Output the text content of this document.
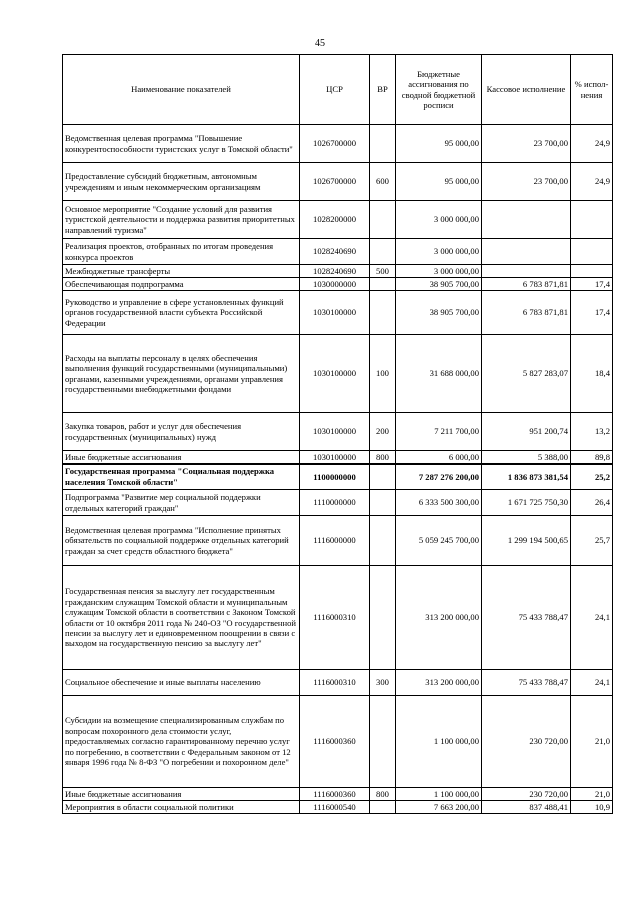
45
Наименование показателей	ЦСР	ВР	Бюджетные ассигнования по сводной бюджетной росписи	Кассовое исполнение	% испол-нения
Ведомственная целевая программа "Повышение конкурентоспособности туристских услуг в Томской области"	1026700000		95 000,00	23 700,00	24,9
Предоставление субсидий бюджетным, автономным учреждениям и иным некоммерческим организациям	1026700000	600	95 000,00	23 700,00	24,9
Основное мероприятие "Создание условий для развития туристской деятельности и поддержка развития приоритетных направлений туризма"	1028200000		3 000 000,00		
Реализация проектов, отобранных по итогам проведения конкурса проектов	1028240690		3 000 000,00		
Межбюджетные трансферты	1028240690	500	3 000 000,00		
Обеспечивающая подпрограмма	1030000000		38 905 700,00	6 783 871,81	17,4
Руководство и управление в сфере установленных функций органов государственной власти субъекта Российской Федерации	1030100000		38 905 700,00	6 783 871,81	17,4
Расходы на выплаты персоналу в целях обеспечения выполнения функций государственными (муниципальными) органами, казенными учреждениями, органами управления государственными внебюджетными фондами	1030100000	100	31 688 000,00	5 827 283,07	18,4
Закупка товаров, работ и услуг для обеспечения государственных (муниципальных) нужд	1030100000	200	7 211 700,00	951 200,74	13,2
Иные бюджетные ассигнования	1030100000	800	6 000,00	5 388,00	89,8
Государственная программа "Социальная поддержка населения Томской области"	1100000000		7 287 276 200,00	1 836 873 381,54	25,2
Подпрограмма "Развитие мер социальной поддержки отдельных категорий граждан"	1110000000		6 333 500 300,00	1 671 725 750,30	26,4
Ведомственная целевая программа "Исполнение принятых обязательств по социальной поддержке отдельных категорий граждан за счет средств областного бюджета"	1116000000		5 059 245 700,00	1 299 194 500,65	25,7
Государственная пенсия за выслугу лет государственным гражданским служащим Томской области и муниципальным служащим Томской области в соответствии с Законом Томской области от 10 октября 2011 года № 240-ОЗ "О государственной пенсии за выслугу лет и единовременном поощрении в связи с выходом на государственную пенсию за выслугу лет"	1116000310		313 200 000,00	75 433 788,47	24,1
Социальное обеспечение и иные выплаты населению	1116000310	300	313 200 000,00	75 433 788,47	24,1
Субсидии на возмещение специализированным службам по вопросам похоронного дела стоимости услуг, предоставляемых согласно гарантированному перечню услуг по погребению, в соответствии с Федеральным законом от 12 января 1996 года № 8-ФЗ "О погребении и похоронном деле"	1116000360		1 100 000,00	230 720,00	21,0
Иные бюджетные ассигнования	1116000360	800	1 100 000,00	230 720,00	21,0
Мероприятия в области социальной политики	1116000540		7 663 200,00	837 488,41	10,9
